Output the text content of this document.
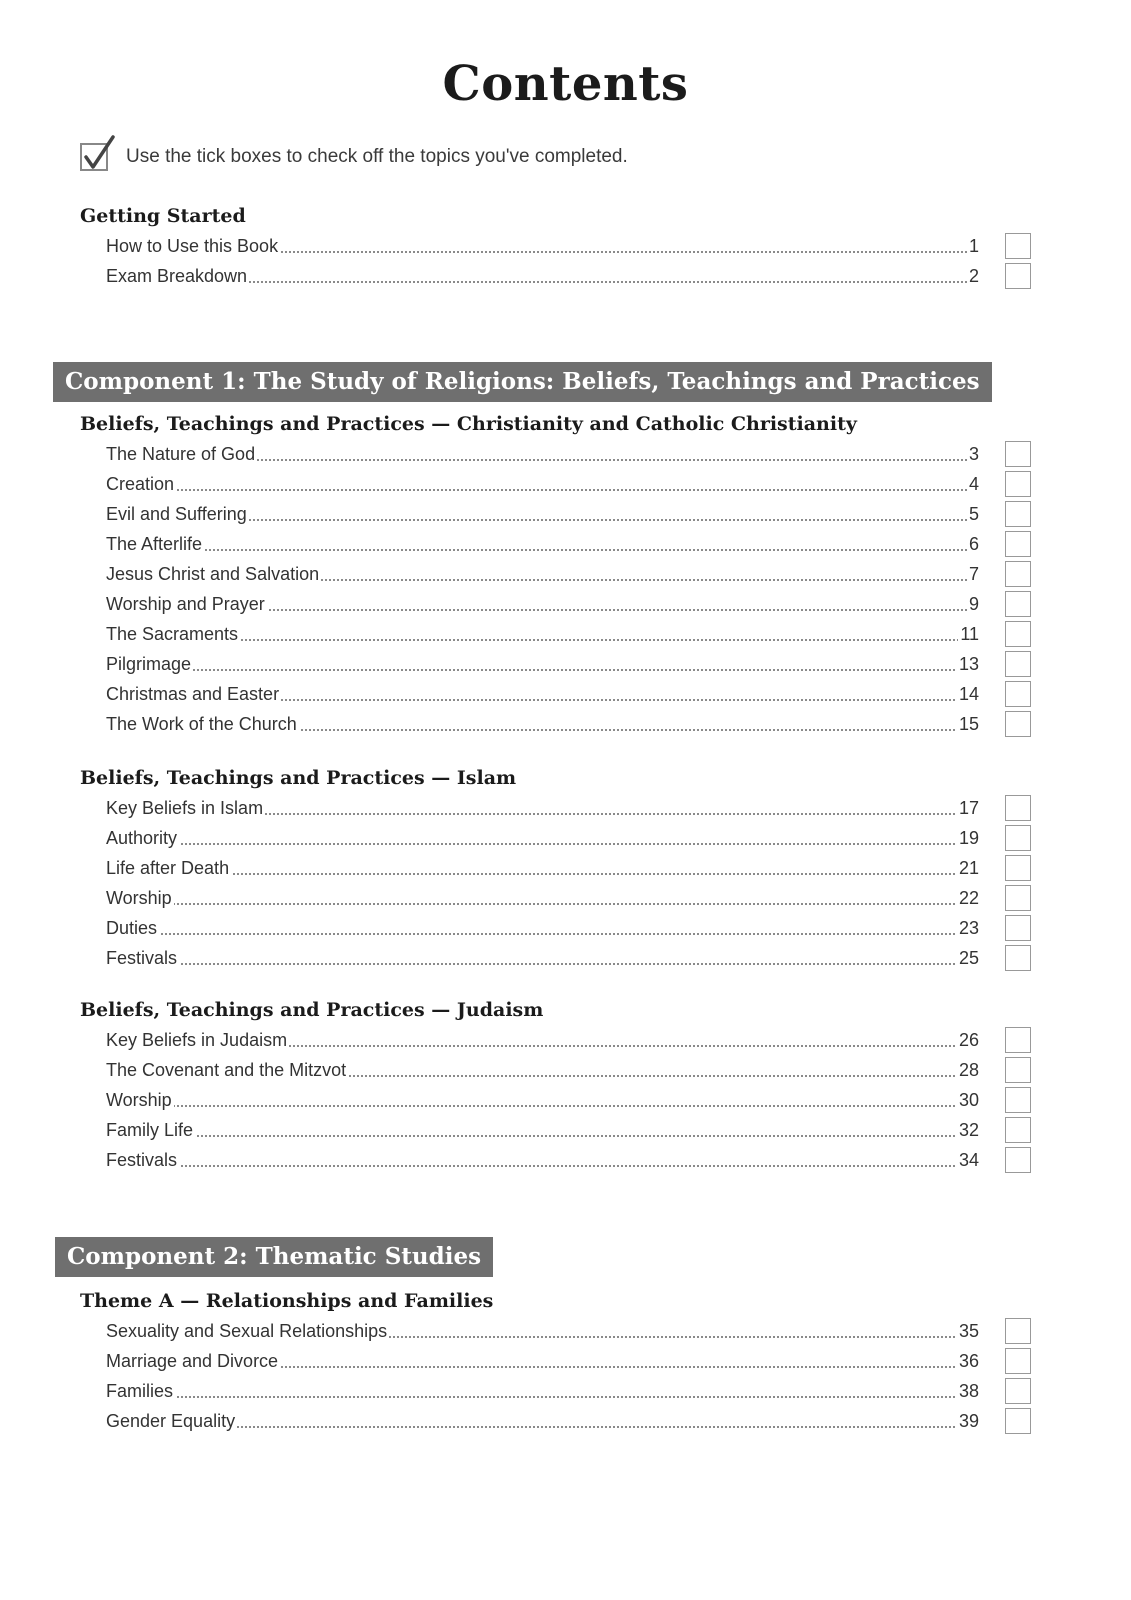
Contents
Use the tick boxes to check off the topics you've completed.
Getting Started
How to Use this Book	1
Exam Breakdown	2
Component 1: The Study of Religions: Beliefs, Teachings and Practices
Beliefs, Teachings and Practices — Christianity and Catholic Christianity
The Nature of God	3
Creation	4
Evil and Suffering	5
The Afterlife	6
Jesus Christ and Salvation	7
Worship and Prayer	9
The Sacraments	11
Pilgrimage	13
Christmas and Easter	14
The Work of the Church	15
Beliefs, Teachings and Practices — Islam
Key Beliefs in Islam	17
Authority	19
Life after Death	21
Worship	22
Duties	23
Festivals	25
Beliefs, Teachings and Practices — Judaism
Key Beliefs in Judaism	26
The Covenant and the Mitzvot	28
Worship	30
Family Life	32
Festivals	34
Component 2: Thematic Studies
Theme A — Relationships and Families
Sexuality and Sexual Relationships	35
Marriage and Divorce	36
Families	38
Gender Equality	39
